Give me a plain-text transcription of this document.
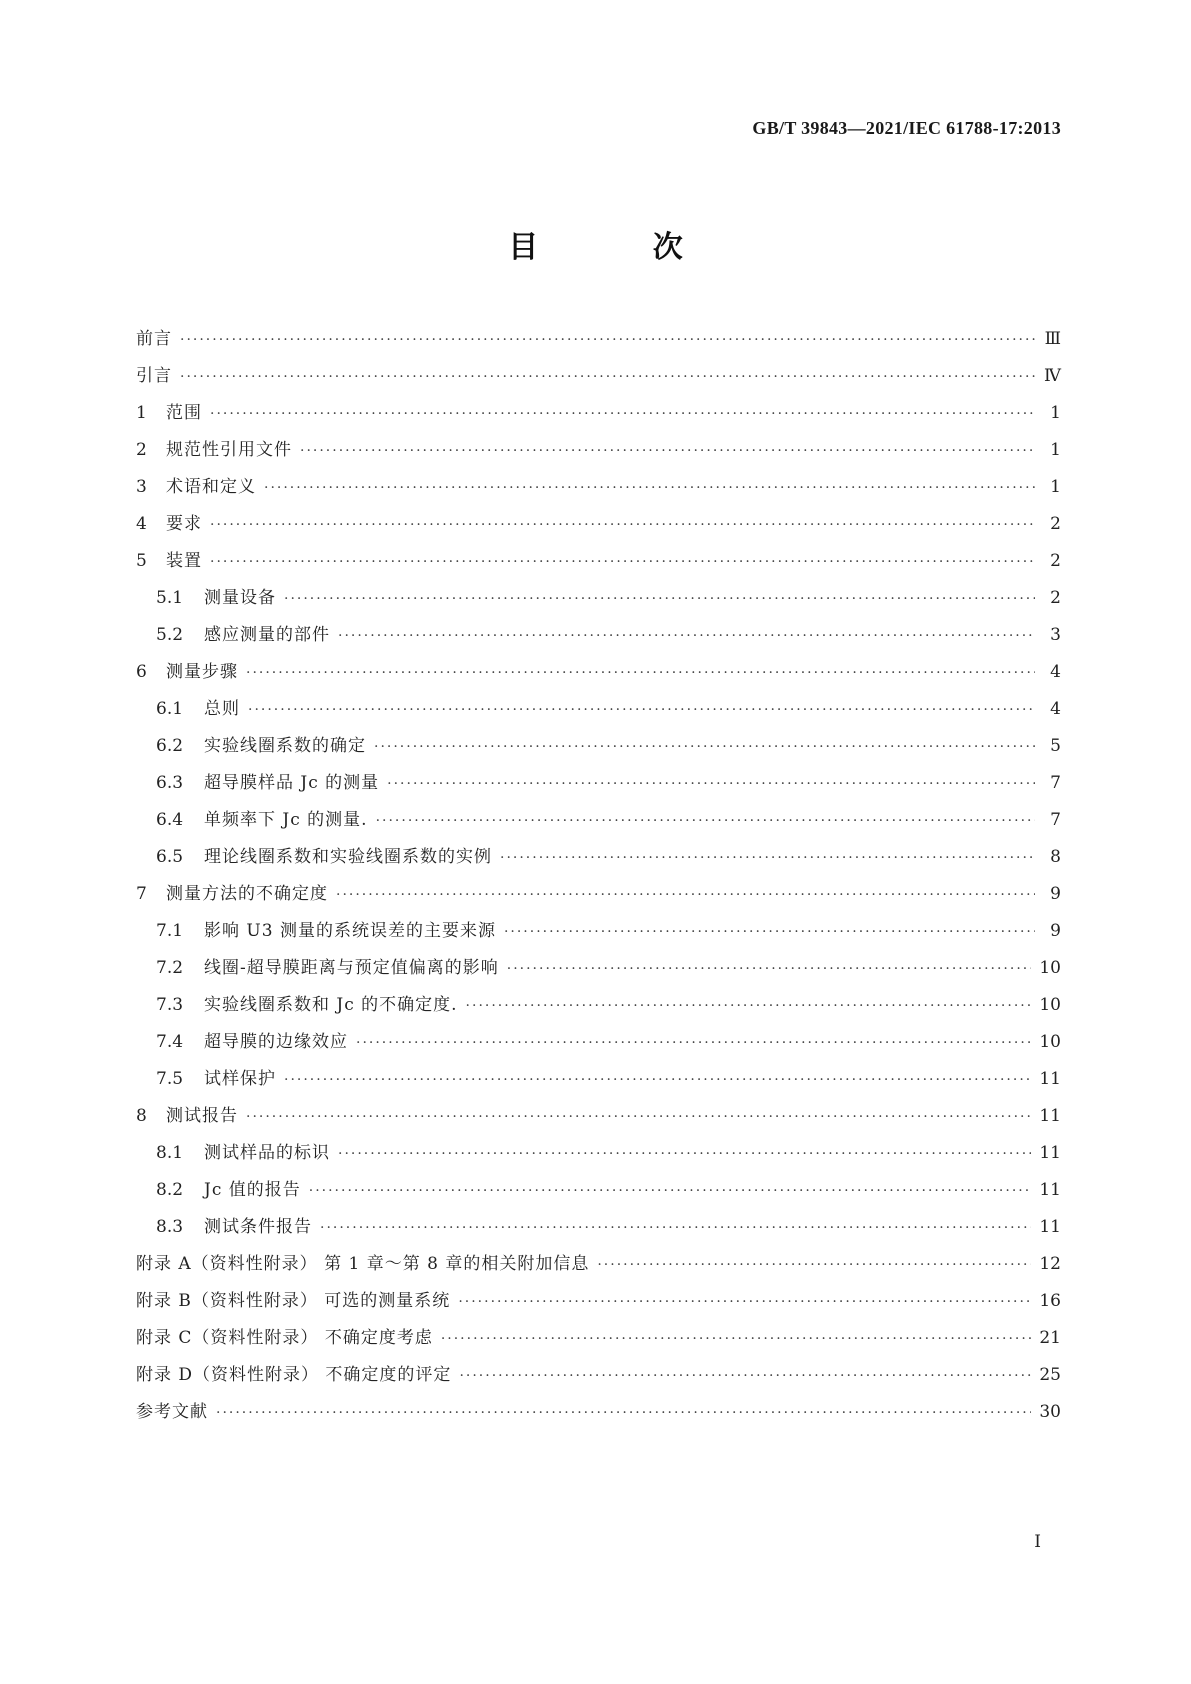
GB/T 39843—2021/IEC 61788-17:2013
目 次
前言 ·····	Ⅲ
引言 ·····	Ⅳ
1	范围 ·····	1
2	规范性引用文件 ·····	1
3	术语和定义 ·····	1
4	要求 ·····	2
5	装置 ·····	2
5.1	测量设备 ·····	2
5.2	感应测量的部件 ·····	3
6	测量步骤 ·····	4
6.1	总则 ·····	4
6.2	实验线圈系数的确定 ·····	5
6.3	超导膜样品 Jc 的测量 ·····	7
6.4	单频率下 Jc 的测量. ·····	7
6.5	理论线圈系数和实验线圈系数的实例 ·····	8
7	测量方法的不确定度 ·····	9
7.1	影响 U3 测量的系统误差的主要来源 ·····	9
7.2	线圈-超导膜距离与预定值偏离的影响 ·····	10
7.3	实验线圈系数和 Jc 的不确定度. ·····	10
7.4	超导膜的边缘效应 ·····	10
7.5	试样保护 ·····	11
8	测试报告 ·····	11
8.1	测试样品的标识 ·····	11
8.2	Jc 值的报告 ·····	11
8.3	测试条件报告 ·····	11
附录 A（资料性附录） 第 1 章～第 8 章的相关附加信息 ·····	12
附录 B（资料性附录） 可选的测量系统 ·····	16
附录 C（资料性附录） 不确定度考虑 ·····	21
附录 D（资料性附录） 不确定度的评定 ·····	25
参考文献 ·····	30
I
